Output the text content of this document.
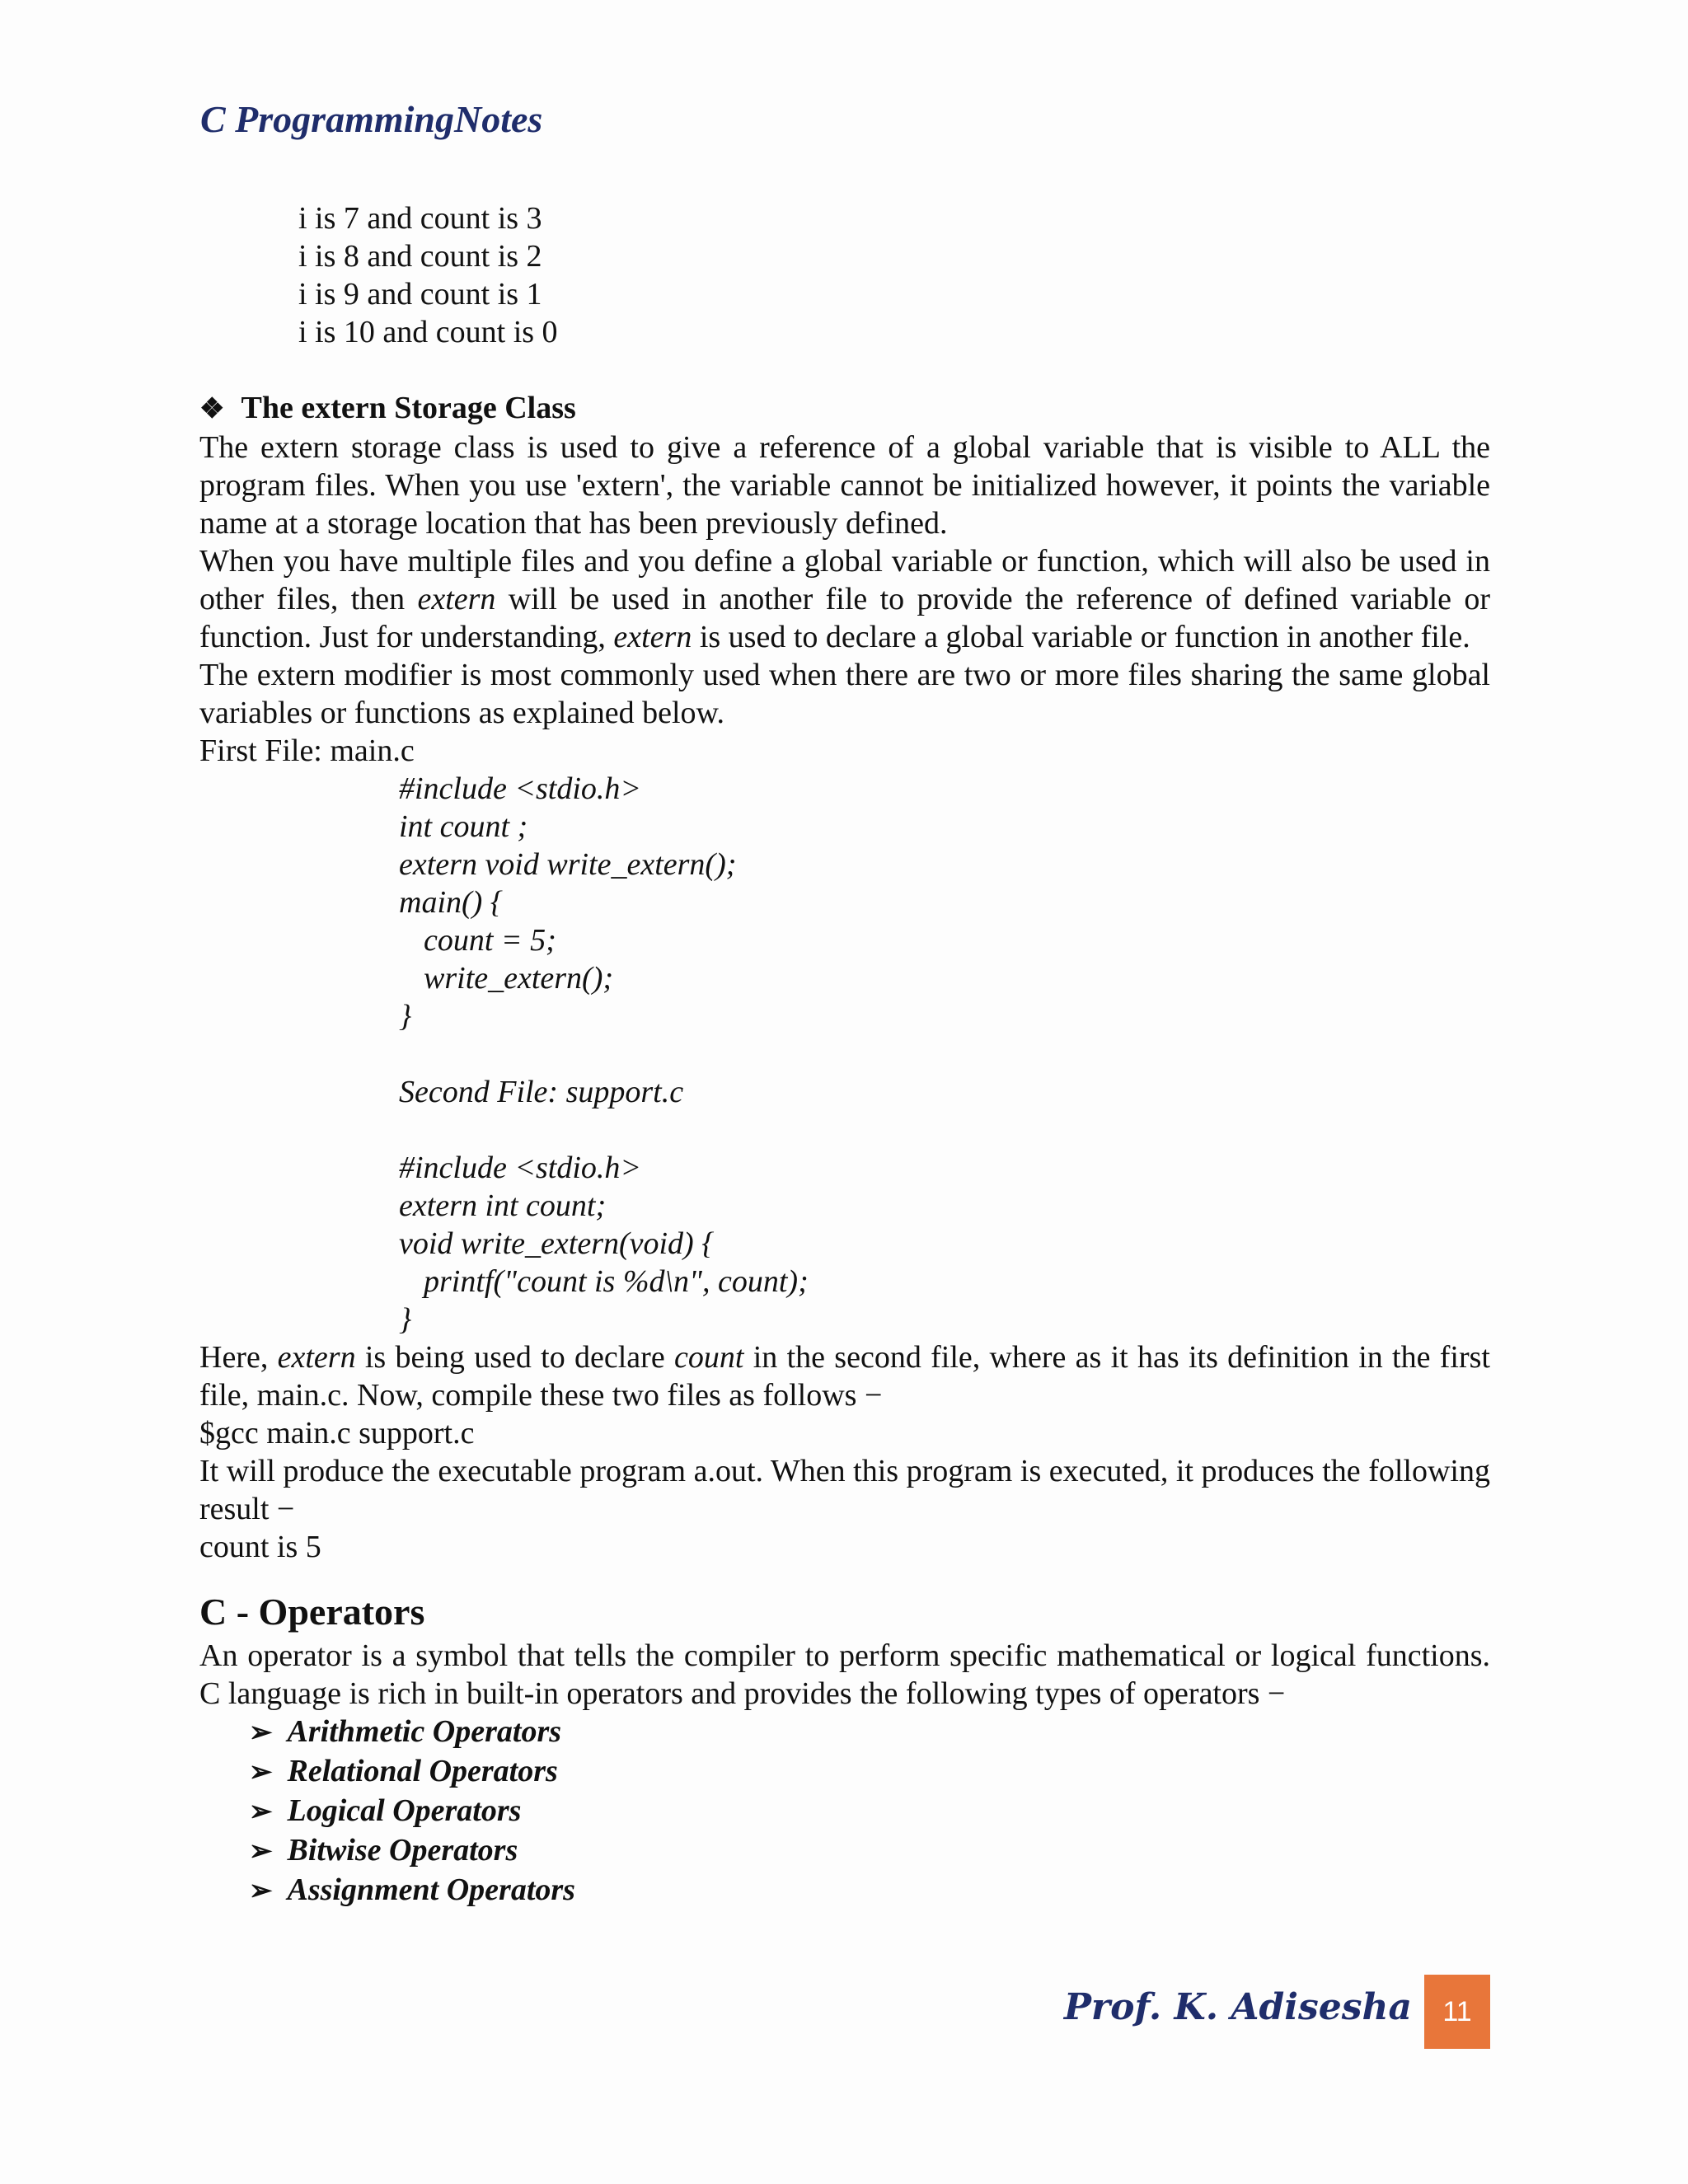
C ProgrammingNotes
i is 7 and count is 3
i is 8 and count is 2
i is 9 and count is 1
i is 10 and count is 0
❖ The extern Storage Class

The extern storage class is used to give a reference of a global variable that is visible to ALL the program files. When you use 'extern', the variable cannot be initialized however, it points the variable name at a storage location that has been previously defined.

When you have multiple files and you define a global variable or function, which will also be used in other files, then extern will be used in another file to provide the reference of defined variable or function. Just for understanding, extern is used to declare a global variable or function in another file.

The extern modifier is most commonly used when there are two or more files sharing the same global variables or functions as explained below.

First File: main.c
#include <stdio.h>
int count ;
extern void write_extern();
main() {
count = 5;
write_extern();
}
Second File: support.c
#include <stdio.h>
extern int count;
void write_extern(void) {
printf("count is %d\n", count);
}

Here, extern is being used to declare count in the second file, where as it has its definition in the first file, main.c. Now, compile these two files as follows −

$gcc main.c support.c

It will produce the executable program a.out. When this program is executed, it produces the following result −

count is 5
C - Operators

An operator is a symbol that tells the compiler to perform specific mathematical or logical functions. C language is rich in built-in operators and provides the following types of operators −

➢ Arithmetic Operators
➢ Relational Operators
➢ Logical Operators
➢ Bitwise Operators
➢ Assignment Operators
Prof. K. Adisesha	11
